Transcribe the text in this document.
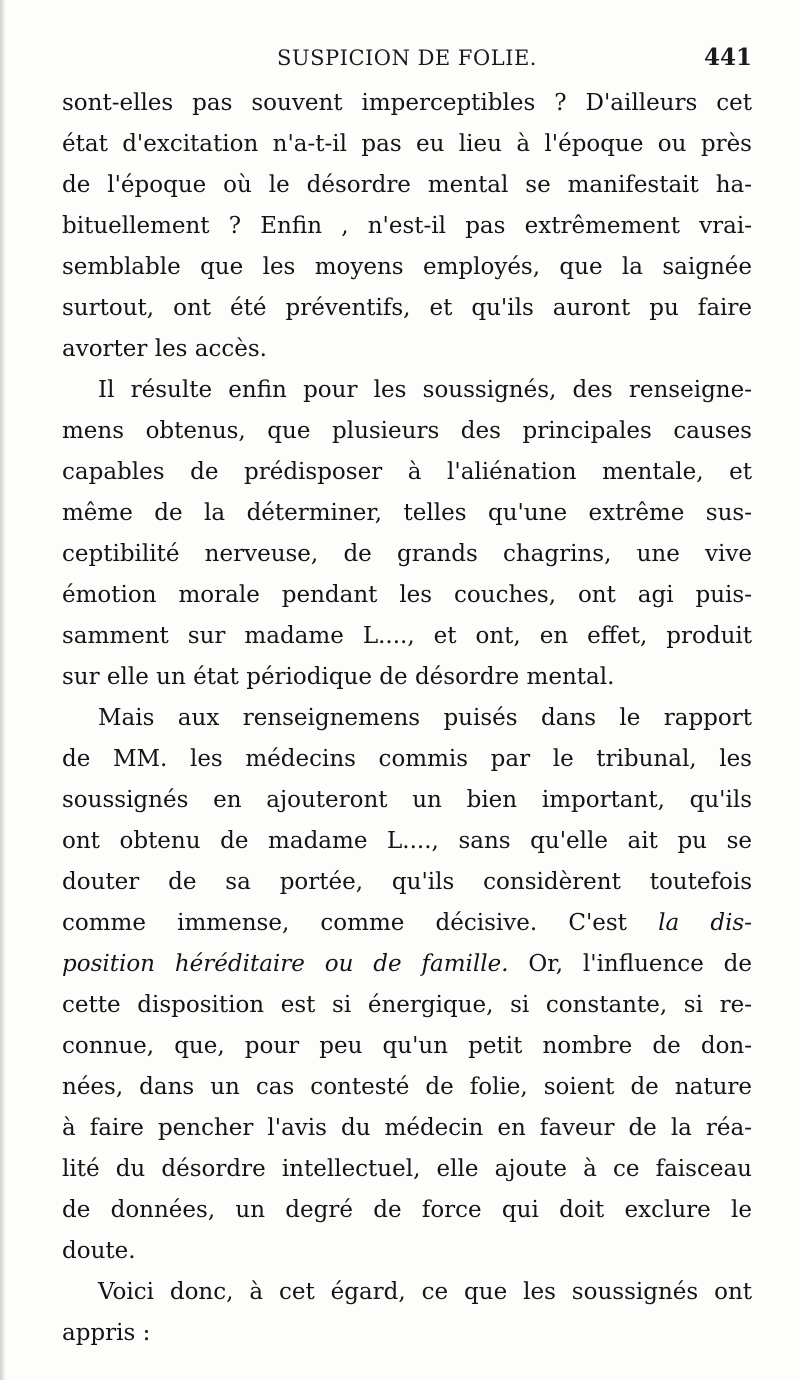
SUSPICION DE FOLIE.	441

sont-elles pas souvent imperceptibles ? D'ailleurs cet
état d'excitation n'a-t-il pas eu lieu à l'époque ou près
de l'époque où le désordre mental se manifestait ha-
bituellement ? Enfin , n'est-il pas extrêmement vrai-
semblable que les moyens employés, que la saignée
surtout, ont été préventifs, et qu'ils auront pu faire
avorter les accès.

Il résulte enfin pour les soussignés, des renseigne-
mens obtenus, que plusieurs des principales causes
capables de prédisposer à l'aliénation mentale, et
même de la déterminer, telles qu'une extrême sus-
ceptibilité nerveuse, de grands chagrins, une vive
émotion morale pendant les couches, ont agi puis-
samment sur madame L...., et ont, en effet, produit
sur elle un état périodique de désordre mental.

Mais aux renseignemens puisés dans le rapport
de MM. les médecins commis par le tribunal, les
soussignés en ajouteront un bien important, qu'ils
ont obtenu de madame L...., sans qu'elle ait pu se
douter de sa portée, qu'ils considèrent toutefois
comme immense, comme décisive. C'est la dis-
position héréditaire ou de famille. Or, l'influence de
cette disposition est si énergique, si constante, si re-
connue, que, pour peu qu'un petit nombre de don-
nées, dans un cas contesté de folie, soient de nature
à faire pencher l'avis du médecin en faveur de la réa-
lité du désordre intellectuel, elle ajoute à ce faisceau
de données, un degré de force qui doit exclure le
doute.

Voici donc, à cet égard, ce que les soussignés ont
appris :
